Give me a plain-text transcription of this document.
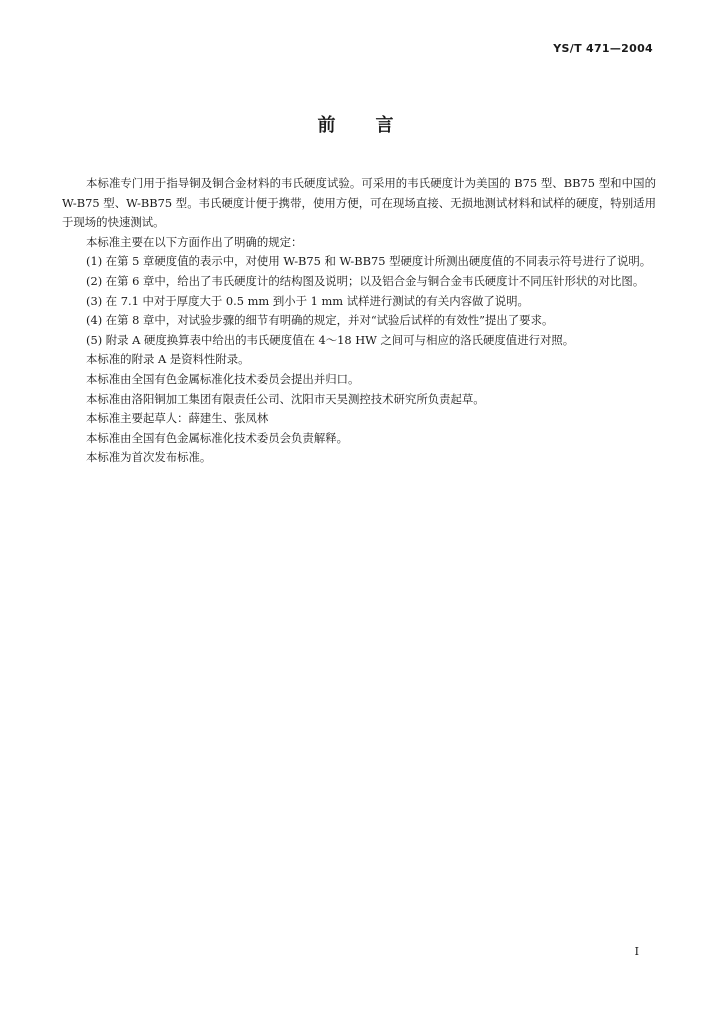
YS/T 471—2004
前言

本标准专门用于指导铜及铜合金材料的韦氏硬度试验。可采用的韦氏硬度计为美国的 B75 型、BB75 型和中国的 W-B75 型、W-BB75 型。韦氏硬度计便于携带，使用方便，可在现场直接、无损地测试材料和试样的硬度，特别适用于现场的快速测试。

本标准主要在以下方面作出了明确的规定：

(1) 在第 5 章硬度值的表示中，对使用 W-B75 和 W-BB75 型硬度计所测出硬度值的不同表示符号进行了说明。

(2) 在第 6 章中，给出了韦氏硬度计的结构图及说明；以及铝合金与铜合金韦氏硬度计不同压针形状的对比图。

(3) 在 7.1 中对于厚度大于 0.5 mm 到小于 1 mm 试样进行测试的有关内容做了说明。

(4) 在第 8 章中，对试验步骤的细节有明确的规定，并对“试验后试样的有效性”提出了要求。

(5) 附录 A 硬度换算表中给出的韦氏硬度值在 4～18 HW 之间可与相应的洛氏硬度值进行对照。

本标准的附录 A 是资料性附录。

本标准由全国有色金属标准化技术委员会提出并归口。

本标准由洛阳铜加工集团有限责任公司、沈阳市天昊测控技术研究所负责起草。

本标准主要起草人：薛建生、张凤林

本标准由全国有色金属标准化技术委员会负责解释。

本标准为首次发布标准。

I
